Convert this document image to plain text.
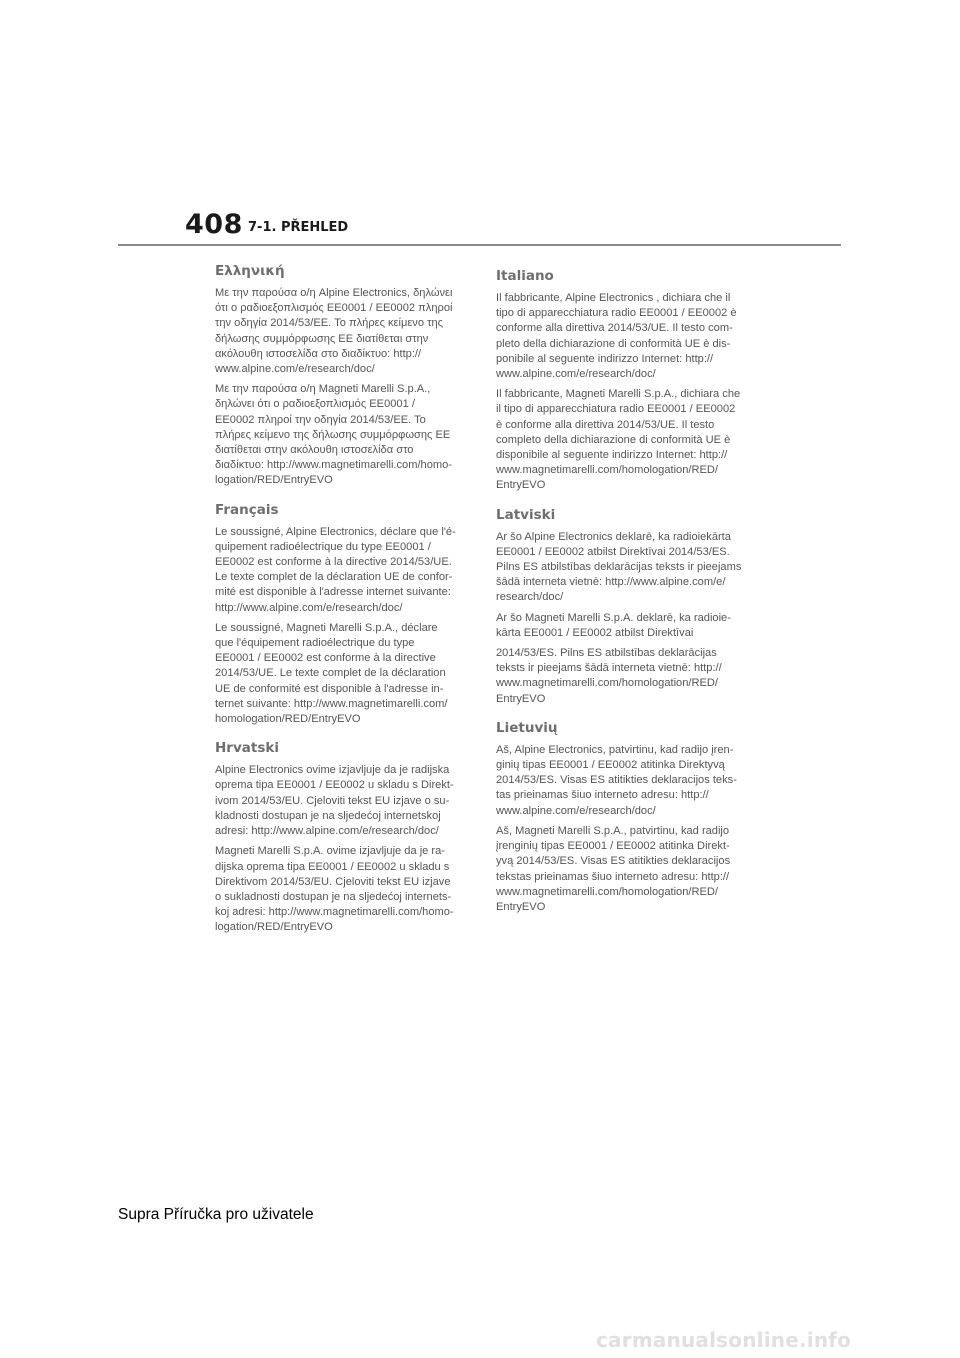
408 7-1. PŘEHLED
Ελληνική

Με την παρούσα ο/η Alpine Electronics, δηλώνει
ότι ο ραδιοεξοπλισμός EE0001 / EE0002 πληροί
την οδηγία 2014/53/ΕΕ. Το πλήρες κείμενο της
δήλωσης συμμόρφωσης ΕΕ διατίθεται στην
ακόλουθη ιστοσελίδα στο διαδίκτυο: http://
www.alpine.com/e/research/doc/

Με την παρούσα ο/η Magneti Marelli S.p.A.,
δηλώνει ότι ο ραδιοεξοπλισμός EE0001 /
EE0002 πληροί την οδηγία 2014/53/ΕΕ. Το
πλήρες κείμενο της δήλωσης συμμόρφωσης ΕΕ
διατίθεται στην ακόλουθη ιστοσελίδα στο
διαδίκτυο: http://www.magnetimarelli.com/homo-
logation/RED/EntryEVO

Français

Le soussigné, Alpine Electronics, déclare que l'é-
quipement radioélectrique du type EE0001 /
EE0002 est conforme à la directive 2014/53/UE.
Le texte complet de la déclaration UE de confor-
mité est disponible à l'adresse internet suivante:
http://www.alpine.com/e/research/doc/

Le soussigné, Magneti Marelli S.p.A., déclare
que l'équipement radioélectrique du type
EE0001 / EE0002 est conforme à la directive
2014/53/UE. Le texte complet de la déclaration
UE de conformité est disponible à l'adresse in-
ternet suivante: http://www.magnetimarelli.com/
homologation/RED/EntryEVO

Hrvatski

Alpine Electronics ovime izjavljuje da je radijska
oprema tipa EE0001 / EE0002 u skladu s Direkt-
ivom 2014/53/EU. Cjeloviti tekst EU izjave o su-
kladnosti dostupan je na sljedećoj internetskoj
adresi: http://www.alpine.com/e/research/doc/

Magneti Marelli S.p.A. ovime izjavljuje da je ra-
dijska oprema tipa EE0001 / EE0002 u skladu s
Direktivom 2014/53/EU. Cjeloviti tekst EU izjave
o sukladnosti dostupan je na sljedećoj internets-
koj adresi: http://www.magnetimarelli.com/homo-
logation/RED/EntryEVO

Italiano

Il fabbricante, Alpine Electronics , dichiara che il
tipo di apparecchiatura radio EE0001 / EE0002 è
conforme alla direttiva 2014/53/UE. Il testo com-
pleto della dichiarazione di conformità UE è dis-
ponibile al seguente indirizzo Internet: http://
www.alpine.com/e/research/doc/

Il fabbricante, Magneti Marelli S.p.A., dichiara che
il tipo di apparecchiatura radio EE0001 / EE0002
è conforme alla direttiva 2014/53/UE. Il testo
completo della dichiarazione di conformità UE è
disponibile al seguente indirizzo Internet: http://
www.magnetimarelli.com/homologation/RED/
EntryEVO

Latviski

Ar šo Alpine Electronics deklarē, ka radioiekārta
EE0001 / EE0002 atbilst Direktīvai 2014/53/ES.
Pilns ES atbilstības deklarācijas teksts ir pieejams
šādā interneta vietnē: http://www.alpine.com/e/
research/doc/

Ar šo Magneti Marelli S.p.A. deklarē, ka radioie-
kārta EE0001 / EE0002 atbilst Direktīvai

2014/53/ES. Pilns ES atbilstības deklarācijas
teksts ir pieejams šādā interneta vietnē: http://
www.magnetimarelli.com/homologation/RED/
EntryEVO

Lietuvių

Aš, Alpine Electronics, patvirtinu, kad radijo įren-
ginių tipas EE0001 / EE0002 atitinka Direktyvą
2014/53/ES. Visas ES atitikties deklaracijos teks-
tas prieinamas šiuo interneto adresu: http://
www.alpine.com/e/research/doc/

Aš, Magneti Marelli S.p.A., patvirtinu, kad radijo
įrenginių tipas EE0001 / EE0002 atitinka Direkt-
yvą 2014/53/ES. Visas ES atitikties deklaracijos
tekstas prieinamas šiuo interneto adresu: http://
www.magnetimarelli.com/homologation/RED/
EntryEVO

Supra Příručka pro uživatele
carmanualsonline.info
